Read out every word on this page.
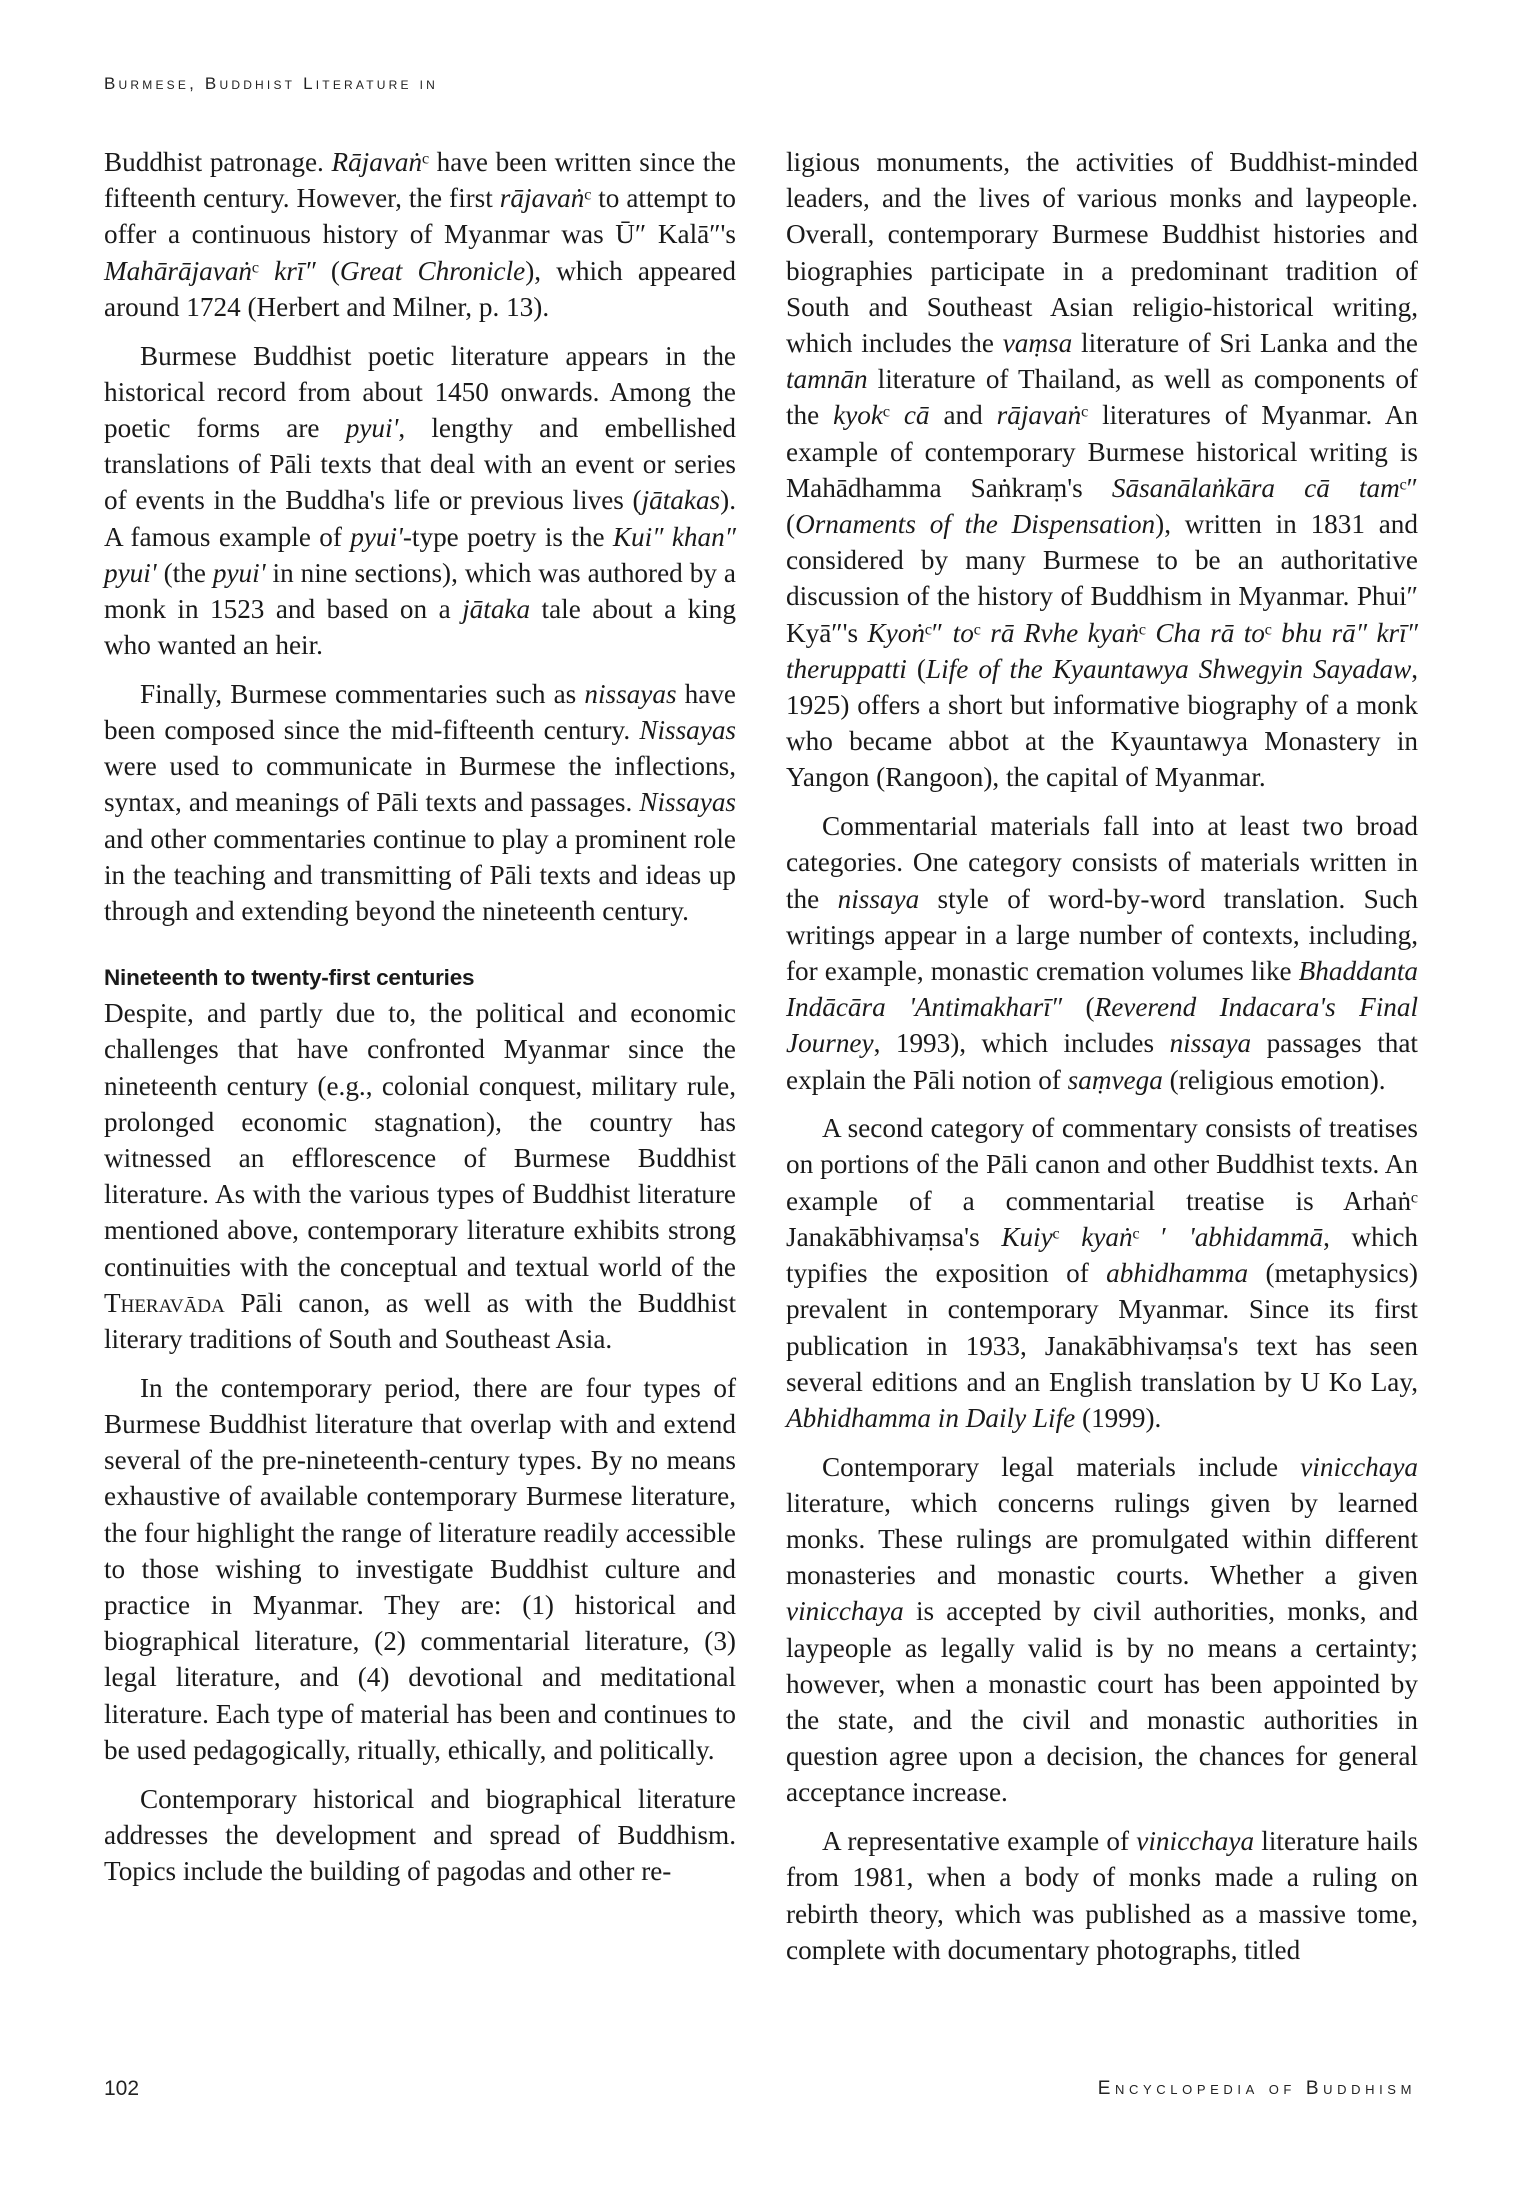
Burmese, Buddhist Literature in

Buddhist patronage. Rājavaṅᶜ have been written since the fifteenth century. However, the first rājavaṅᶜ to attempt to offer a continuous history of Myanmar was Ū″ Kalā″'s Mahārājavaṅᶜ krī″ (Great Chronicle), which appeared around 1724 (Herbert and Milner, p. 13).

Burmese Buddhist poetic literature appears in the historical record from about 1450 onwards. Among the poetic forms are pyui', lengthy and embellished translations of Pāli texts that deal with an event or series of events in the Buddha's life or previous lives (jātakas). A famous example of pyui'-type poetry is the Kui″ khan″ pyui' (the pyui' in nine sections), which was authored by a monk in 1523 and based on a jātaka tale about a king who wanted an heir.

Finally, Burmese commentaries such as nissayas have been composed since the mid-fifteenth century. Nissayas were used to communicate in Burmese the inflections, syntax, and meanings of Pāli texts and passages. Nissayas and other commentaries continue to play a prominent role in the teaching and transmitting of Pāli texts and ideas up through and extending beyond the nineteenth century.

Nineteenth to twenty-first centuries

Despite, and partly due to, the political and economic challenges that have confronted Myanmar since the nineteenth century (e.g., colonial conquest, military rule, prolonged economic stagnation), the country has witnessed an efflorescence of Burmese Buddhist literature. As with the various types of Buddhist literature mentioned above, contemporary literature exhibits strong continuities with the conceptual and textual world of the Theravāda Pāli canon, as well as with the Buddhist literary traditions of South and Southeast Asia.

In the contemporary period, there are four types of Burmese Buddhist literature that overlap with and extend several of the pre-nineteenth-century types. By no means exhaustive of available contemporary Burmese literature, the four highlight the range of literature readily accessible to those wishing to investigate Buddhist culture and practice in Myanmar. They are: (1) historical and biographical literature, (2) commentarial literature, (3) legal literature, and (4) devotional and meditational literature. Each type of material has been and continues to be used pedagogically, ritually, ethically, and politically.

Contemporary historical and biographical literature addresses the development and spread of Buddhism. Topics include the building of pagodas and other re-

ligious monuments, the activities of Buddhist-minded leaders, and the lives of various monks and laypeople. Overall, contemporary Burmese Buddhist histories and biographies participate in a predominant tradition of South and Southeast Asian religio-historical writing, which includes the vaṃsa literature of Sri Lanka and the tamnān literature of Thailand, as well as components of the kyokᶜ cā and rājavaṅᶜ literatures of Myanmar. An example of contemporary Burmese historical writing is Mahādhamma Saṅkraṃ's Sāsanālaṅkāra cā tamᶜ″ (Ornaments of the Dispensation), written in 1831 and considered by many Burmese to be an authoritative discussion of the history of Buddhism in Myanmar. Phui″ Kyā″'s Kyoṅᶜ″ toᶜ rā Rvhe kyaṅᶜ Cha rā toᶜ bhu rā″ krī″ theruppatti (Life of the Kyauntawya Shwegyin Sayadaw, 1925) offers a short but informative biography of a monk who became abbot at the Kyauntawya Monastery in Yangon (Rangoon), the capital of Myanmar.

Commentarial materials fall into at least two broad categories. One category consists of materials written in the nissaya style of word-by-word translation. Such writings appear in a large number of contexts, including, for example, monastic cremation volumes like Bhaddanta Indācāra 'Antimakharī″ (Reverend Indacara's Final Journey, 1993), which includes nissaya passages that explain the Pāli notion of saṃvega (religious emotion).

A second category of commentary consists of treatises on portions of the Pāli canon and other Buddhist texts. An example of a commentarial treatise is Arhaṅᶜ Janakābhivaṃsa's Kuiyᶜ kyaṅᶜ ′ 'abhidammā, which typifies the exposition of abhidhamma (metaphysics) prevalent in contemporary Myanmar. Since its first publication in 1933, Janakābhivaṃsa's text has seen several editions and an English translation by U Ko Lay, Abhidhamma in Daily Life (1999).

Contemporary legal materials include vinicchaya literature, which concerns rulings given by learned monks. These rulings are promulgated within different monasteries and monastic courts. Whether a given vinicchaya is accepted by civil authorities, monks, and laypeople as legally valid is by no means a certainty; however, when a monastic court has been appointed by the state, and the civil and monastic authorities in question agree upon a decision, the chances for general acceptance increase.

A representative example of vinicchaya literature hails from 1981, when a body of monks made a ruling on rebirth theory, which was published as a massive tome, complete with documentary photographs, titled

102	Encyclopedia of Buddhism
